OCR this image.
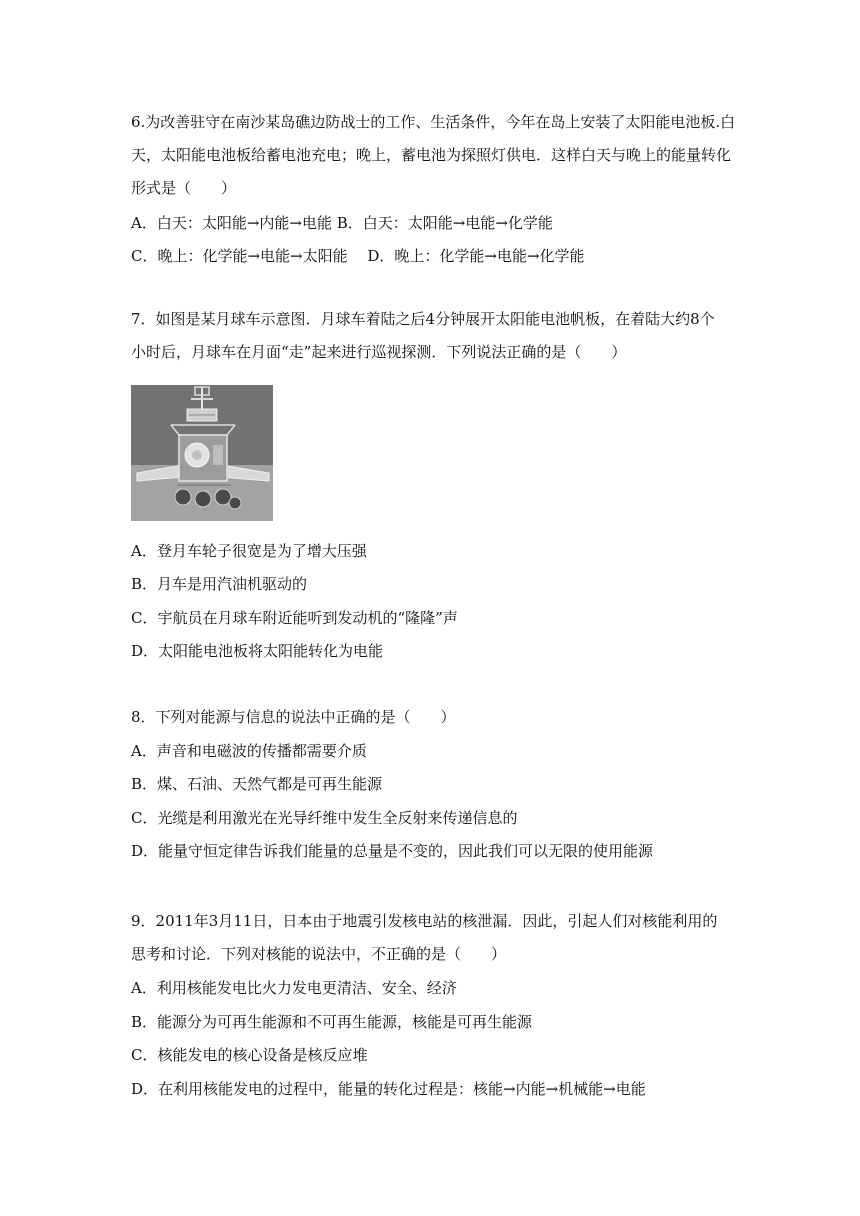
6.为改善驻守在南沙某岛礁边防战士的工作、生活条件，今年在岛上安装了太阳能电池板.白
天，太阳能电池板给蓄电池充电；晚上，蓄电池为探照灯供电．这样白天与晚上的能量转化
形式是（　　）
A．白天：太阳能→内能→电能 B．白天：太阳能→电能→化学能
C．晚上：化学能→电能→太阳能　 D．晚上：化学能→电能→化学能
7．如图是某月球车示意图．月球车着陆之后4分钟展开太阳能电池帆板，在着陆大约8个
小时后，月球车在月面“走”起来进行巡视探测．下列说法正确的是（　　）
A．登月车轮子很宽是为了增大压强
B．月车是用汽油机驱动的
C．宇航员在月球车附近能听到发动机的“隆隆”声
D．太阳能电池板将太阳能转化为电能
8．下列对能源与信息的说法中正确的是（　　）
A．声音和电磁波的传播都需要介质
B．煤、石油、天然气都是可再生能源
C．光缆是利用激光在光导纤维中发生全反射来传递信息的
D．能量守恒定律告诉我们能量的总量是不变的，因此我们可以无限的使用能源
9．2011年3月11日，日本由于地震引发核电站的核泄漏．因此，引起人们对核能利用的
思考和讨论．下列对核能的说法中，不正确的是（　　）
A．利用核能发电比火力发电更清洁、安全、经济
B．能源分为可再生能源和不可再生能源，核能是可再生能源
C．核能发电的核心设备是核反应堆
D．在利用核能发电的过程中，能量的转化过程是：核能→内能→机械能→电能
